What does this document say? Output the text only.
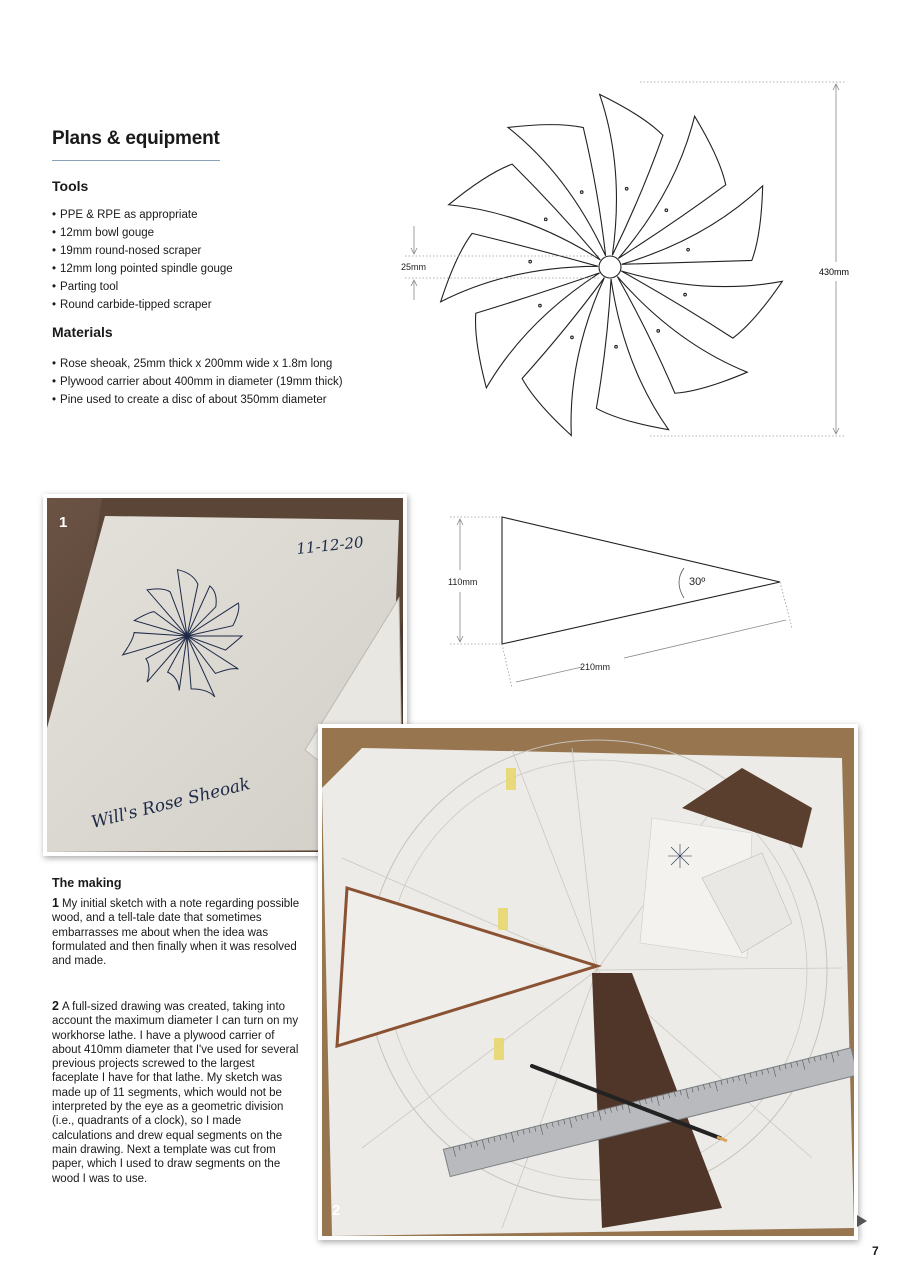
Plans & equipment
Tools
• PPE & RPE as appropriate
• 12mm bowl gouge
• 19mm round-nosed scraper
• 12mm long pointed spindle gouge
• Parting tool
• Round carbide-tipped scraper
Materials
• Rose sheoak, 25mm thick x 200mm wide x 1.8m long
• Plywood carrier about 400mm in diameter (19mm thick)
• Pine used to create a disc of about 350mm diameter
430mm
25mm
110mm	30º
210mm
11-12-20
Will's Rose Sheoak
1
2
The making
1 My initial sketch with a note regarding possible wood, and a tell-tale date that sometimes embarrasses me about when the idea was formulated and then finally when it was resolved and made.
2 A full-sized drawing was created, taking into account the maximum diameter I can turn on my workhorse lathe. I have a plywood carrier of about 410mm diameter that I've used for several previous projects screwed to the largest faceplate I have for that lathe. My sketch was made up of 11 segments, which would not be interpreted by the eye as a geometric division (i.e., quadrants of a clock), so I made calculations and drew equal segments on the main drawing. Next a template was cut from paper, which I used to draw segments on the wood I was to use.
7
